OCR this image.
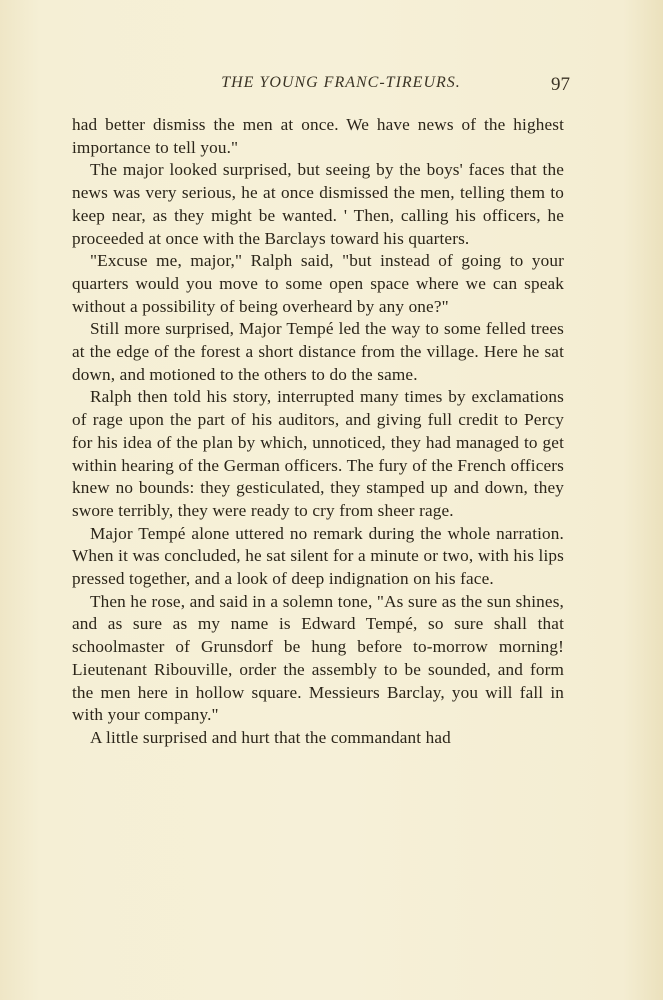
THE YOUNG FRANC-TIREURS.	97

had better dismiss the men at once. We have news of the highest importance to tell you."

The major looked surprised, but seeing by the boys' faces that the news was very serious, he at once dismissed the men, telling them to keep near, as they might be wanted. ' Then, calling his officers, he proceeded at once with the Barclays toward his quarters.

"Excuse me, major," Ralph said, "but instead of going to your quarters would you move to some open space where we can speak without a possibility of being overheard by any one?"

Still more surprised, Major Tempé led the way to some felled trees at the edge of the forest a short distance from the village. Here he sat down, and motioned to the others to do the same.

Ralph then told his story, interrupted many times by exclamations of rage upon the part of his auditors, and giving full credit to Percy for his idea of the plan by which, unnoticed, they had managed to get within hearing of the German officers. The fury of the French officers knew no bounds: they gesticulated, they stamped up and down, they swore terribly, they were ready to cry from sheer rage.

Major Tempé alone uttered no remark during the whole narration. When it was concluded, he sat silent for a minute or two, with his lips pressed together, and a look of deep indignation on his face.

Then he rose, and said in a solemn tone, "As sure as the sun shines, and as sure as my name is Edward Tempé, so sure shall that schoolmaster of Grunsdorf be hung before to-morrow morning! Lieutenant Ribouville, order the assembly to be sounded, and form the men here in hollow square. Messieurs Barclay, you will fall in with your company."

A little surprised and hurt that the commandant had
